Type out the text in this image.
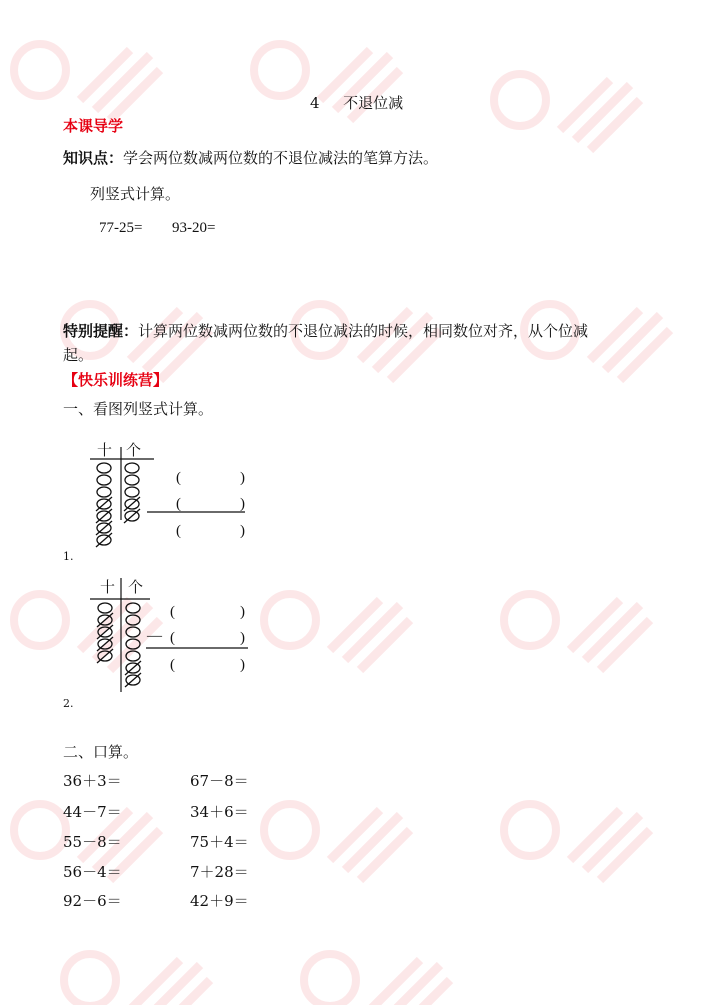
4 不退位减
本课导学
知识点：学会两位数减两位数的不退位减法的笔算方法。
列竖式计算。
77-25= 93-20=
特别提醒：计算两位数减两位数的不退位减法的时候，相同数位对齐，从个位减
起。
【快乐训练营】
一、看图列竖式计算。
十 个
(	)
(	)
(	)
1.
十 个
—
(	)
(	)
(	)
2.
二、口算。
36＋3＝	67－8＝
44－7＝	34＋6＝
55－8＝	75＋4＝
56－4＝	7＋28＝
92－6＝	42＋9＝
